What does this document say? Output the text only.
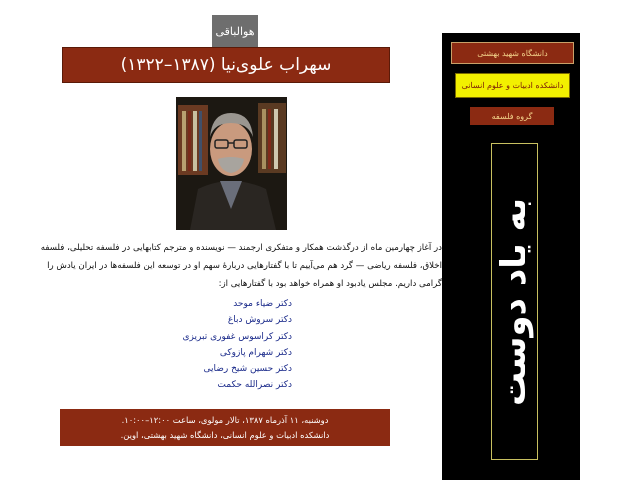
هوالباقی
سهراب علوی‌نیا (۱۳۸۷–۱۳۲۲)
در آغاز چهارمین ماه از درگذشت همکار و متفکری ارجمند — نویسنده و مترجم کتابهایی در فلسفه تحلیلی، فلسفه اخلاق، فلسفه ریاضی — گرد هم می‌آییم تا با گفتارهایی دربارهٔ سهم او در توسعه این فلسفه‌ها در ایران یادش را گرامی داریم. مجلس یادبود او همراه خواهد بود با گفتارهایی از:
دکتر ضیاء موحد
دکتر سروش دباغ
دکتر کراسوس غفوری تبریزی
دکتر شهرام پازوکی
دکتر حسین شیخ رضایی
دکتر نصرالله حکمت
دوشنبه، ۱۱ آذرماه ۱۳۸۷، تالار مولوی، ساعت ۱۲:۰۰–۱۰:۰۰.
دانشکده ادبیات و علوم انسانی، دانشگاه شهید بهشتی، اوین.
دانشگاه شهید بهشتی
دانشکده ادبیات و علوم انسانی
گروه فلسفه
به یاد دوست
